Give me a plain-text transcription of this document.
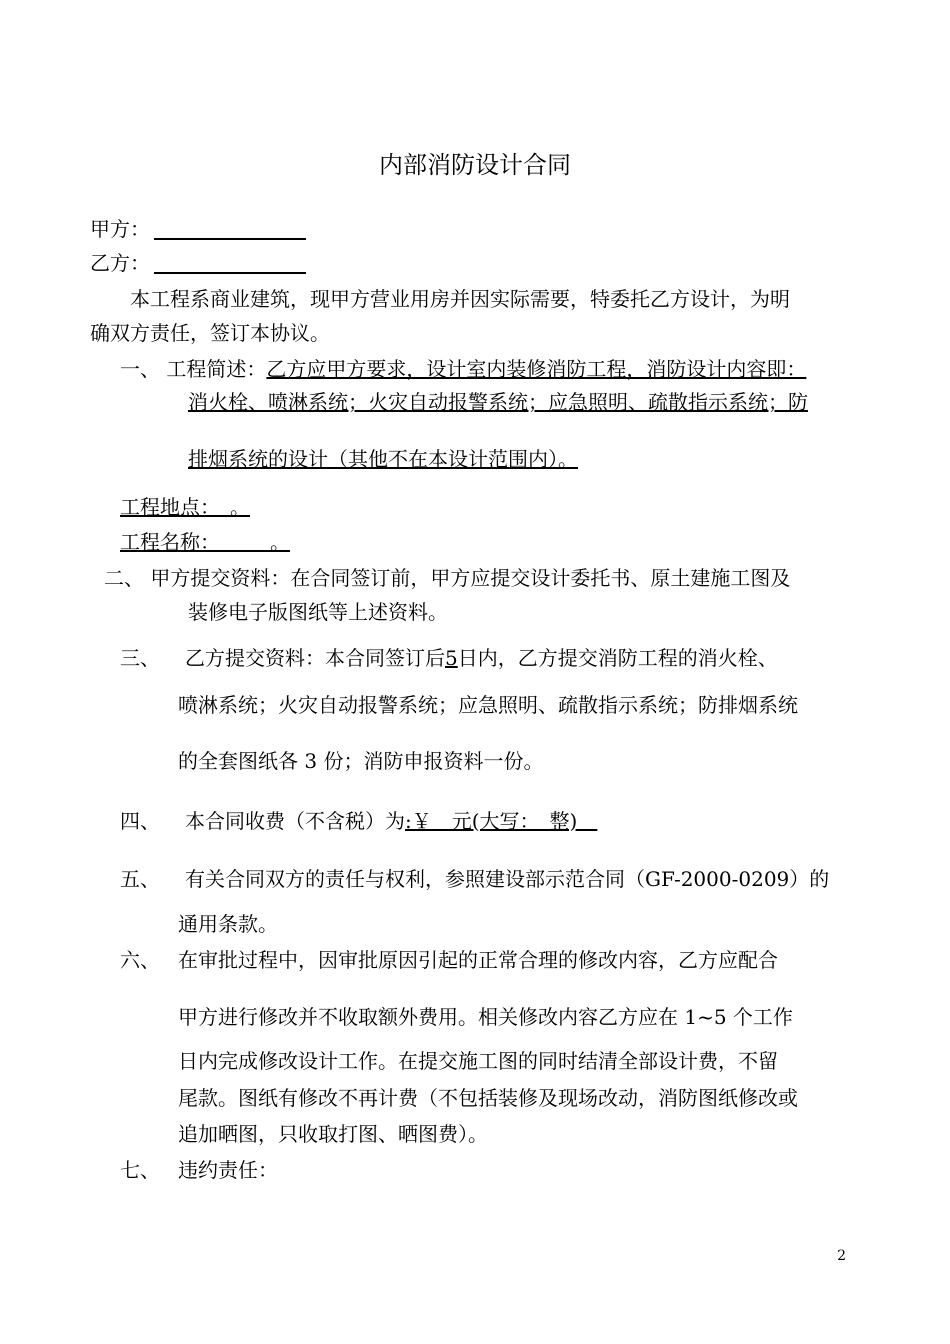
内部消防设计合同
甲方：
乙方：
本工程系商业建筑，现甲方营业用房并因实际需要，特委托乙方设计，为明
确双方责任，签订本协议。
一、 工程简述：乙方应甲方要求，设计室内装修消防工程，消防设计内容即：
消火栓、喷淋系统；火灾自动报警系统；应急照明、疏散指示系统；防
排烟系统的设计（其他不在本设计范围内）。
工程地点：　。
工程名称：　　　。
二、 甲方提交资料：在合同签订前，甲方应提交设计委托书、原土建施工图及
装修电子版图纸等上述资料。
三、 乙方提交资料：本合同签订后5日内，乙方提交消防工程的消火栓、
喷淋系统；火灾自动报警系统；应急照明、疏散指示系统；防排烟系统
的全套图纸各 3 份；消防申报资料一份。
四、 本合同收费（不含税）为:￥　元(大写：　整)　
五、 有关合同双方的责任与权利，参照建设部示范合同（GF-2000-0209）的
通用条款。
六、 在审批过程中，因审批原因引起的正常合理的修改内容，乙方应配合
甲方进行修改并不收取额外费用。相关修改内容乙方应在 1~5 个工作
日内完成修改设计工作。在提交施工图的同时结清全部设计费，不留
尾款。图纸有修改不再计费（不包括装修及现场改动，消防图纸修改或
追加晒图，只收取打图、晒图费）。
七、 违约责任：
2
